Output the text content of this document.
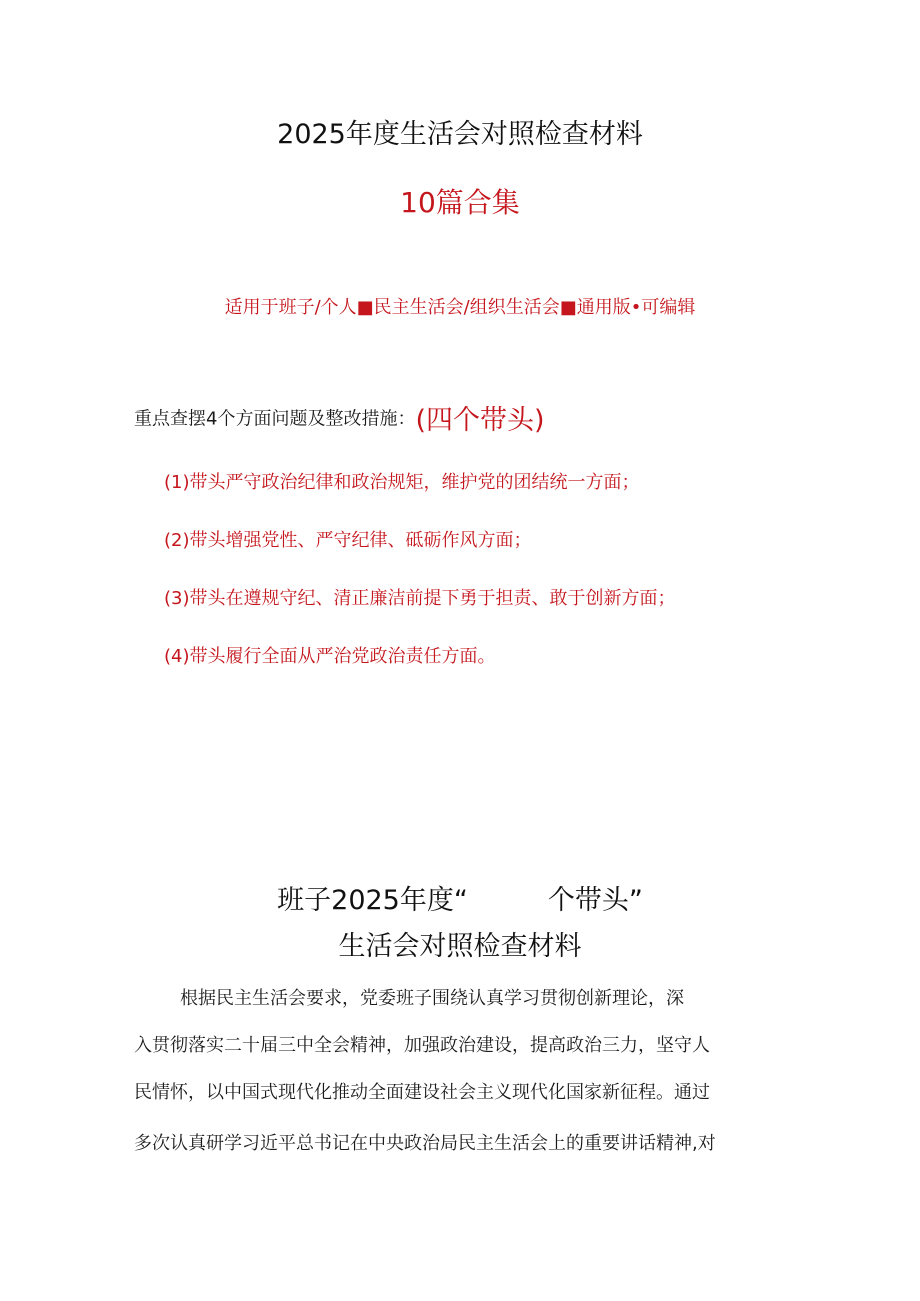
2025年度生活会对照检查材料
10篇合集
适用于班子/个人■民主生活会/组织生活会■通用版•可编辑
重点查摆4个方面问题及整改措施：(四个带头)
(1)带头严守政治纪律和政治规矩，维护党的团结统一方面；
(2)带头增强党性、严守纪律、砥砺作风方面；
(3)带头在遵规守纪、清正廉洁前提下勇于担责、敢于创新方面；
(4)带头履行全面从严治党政治责任方面。
班子2025年度“	个带头”
生活会对照检查材料
根据民主生活会要求，党委班子围绕认真学习贯彻创新理论，深
入贯彻落实二十届三中全会精神，加强政治建设，提高政治三力，坚守人
民情怀，以中国式现代化推动全面建设社会主义现代化国家新征程。通过
多次认真研学习近平总书记在中央政治局民主生活会上的重要讲话精神,对
